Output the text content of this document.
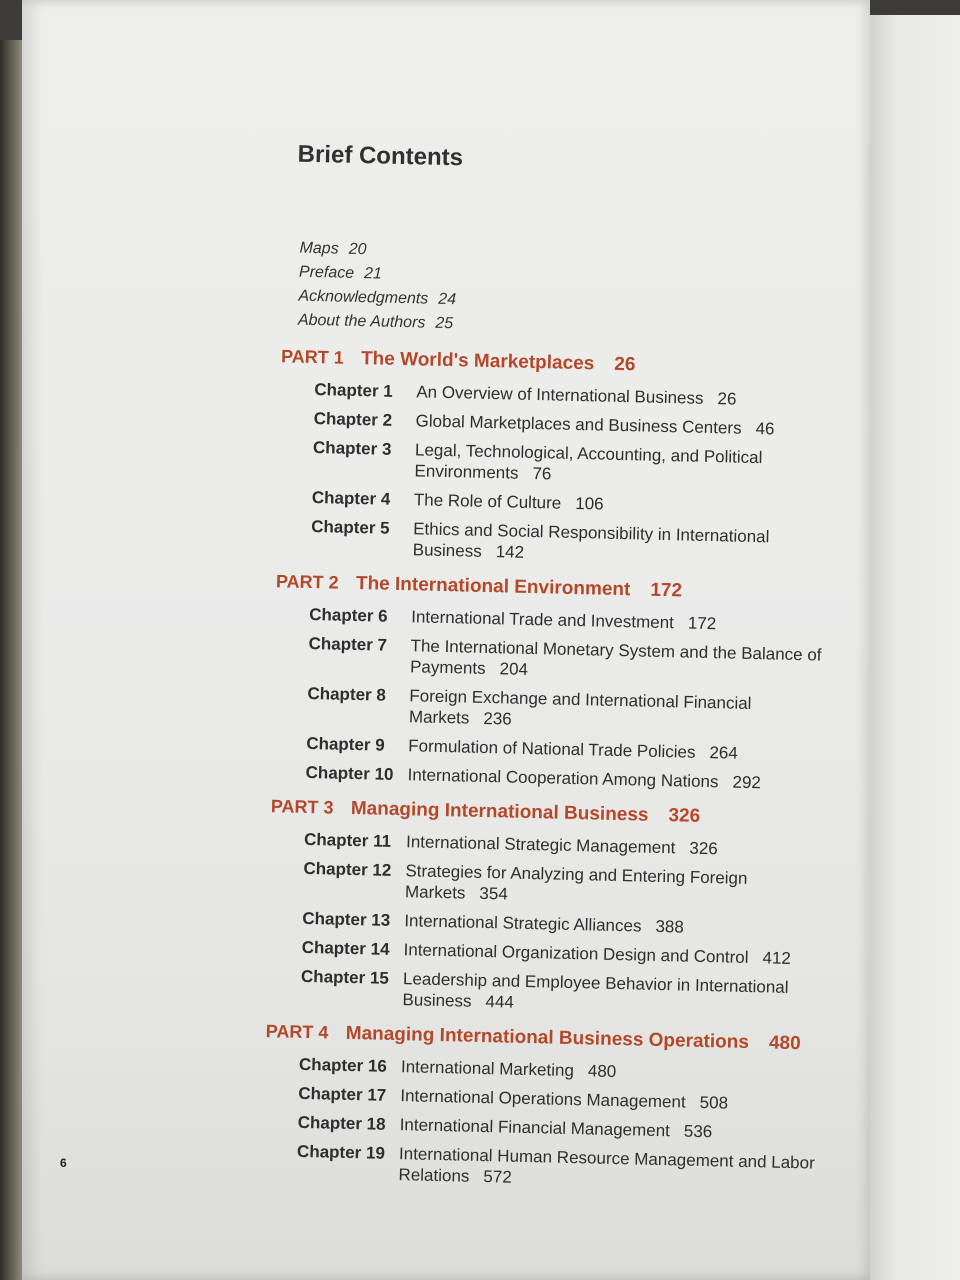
Brief Contents
Maps 20
Preface 21
Acknowledgments 24
About the Authors 25
PART 1 The World's Marketplaces 26
Chapter 1	An Overview of International Business 26
Chapter 2	Global Marketplaces and Business Centers 46
Chapter 3	Legal, Technological, Accounting, and Political Environments 76
Chapter 4	The Role of Culture 106
Chapter 5	Ethics and Social Responsibility in International Business 142
PART 2 The International Environment 172
Chapter 6	International Trade and Investment 172
Chapter 7	The International Monetary System and the Balance of Payments 204
Chapter 8	Foreign Exchange and International Financial Markets 236
Chapter 9	Formulation of National Trade Policies 264
Chapter 10 International Cooperation Among Nations 292
PART 3 Managing International Business 326
Chapter 11 International Strategic Management 326
Chapter 12 Strategies for Analyzing and Entering Foreign Markets 354
Chapter 13 International Strategic Alliances 388
Chapter 14 International Organization Design and Control 412
Chapter 15 Leadership and Employee Behavior in International Business 444
PART 4 Managing International Business Operations 480
Chapter 16 International Marketing 480
Chapter 17 International Operations Management 508
Chapter 18 International Financial Management 536
Chapter 19 International Human Resource Management and Labor Relations 572
6
